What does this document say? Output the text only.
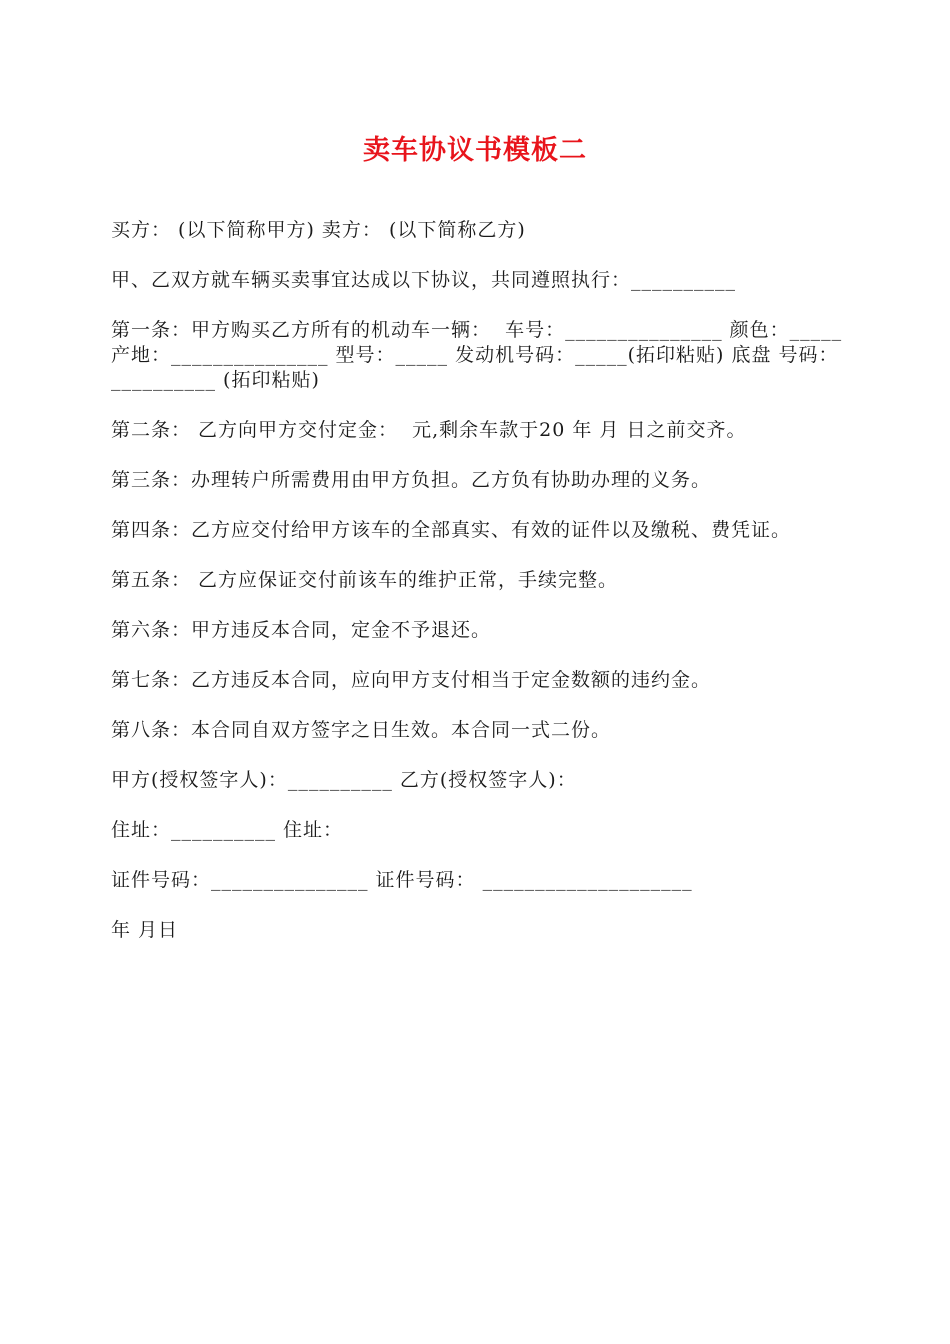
卖车协议书模板二

买方： (以下简称甲方) 卖方： (以下简称乙方)

甲、乙双方就车辆买卖事宜达成以下协议，共同遵照执行：__________

第一条：甲方购买乙方所有的机动车一辆：  车号：_______________ 颜色：_____ 产地：_______________ 型号：_____ 发动机号码：_____(拓印粘贴) 底盘 号码：__________ (拓印粘贴)

第二条： 乙方向甲方交付定金：  元,剩余车款于20 年 月 日之前交齐。

第三条：办理转户所需费用由甲方负担。乙方负有协助办理的义务。

第四条：乙方应交付给甲方该车的全部真实、有效的证件以及缴税、费凭证。

第五条： 乙方应保证交付前该车的维护正常，手续完整。

第六条：甲方违反本合同，定金不予退还。

第七条：乙方违反本合同，应向甲方支付相当于定金数额的违约金。

第八条：本合同自双方签字之日生效。本合同一式二份。

甲方(授权签字人)：__________ 乙方(授权签字人)：

住址：__________ 住址：

证件号码：_______________ 证件号码： ____________________

年 月日
